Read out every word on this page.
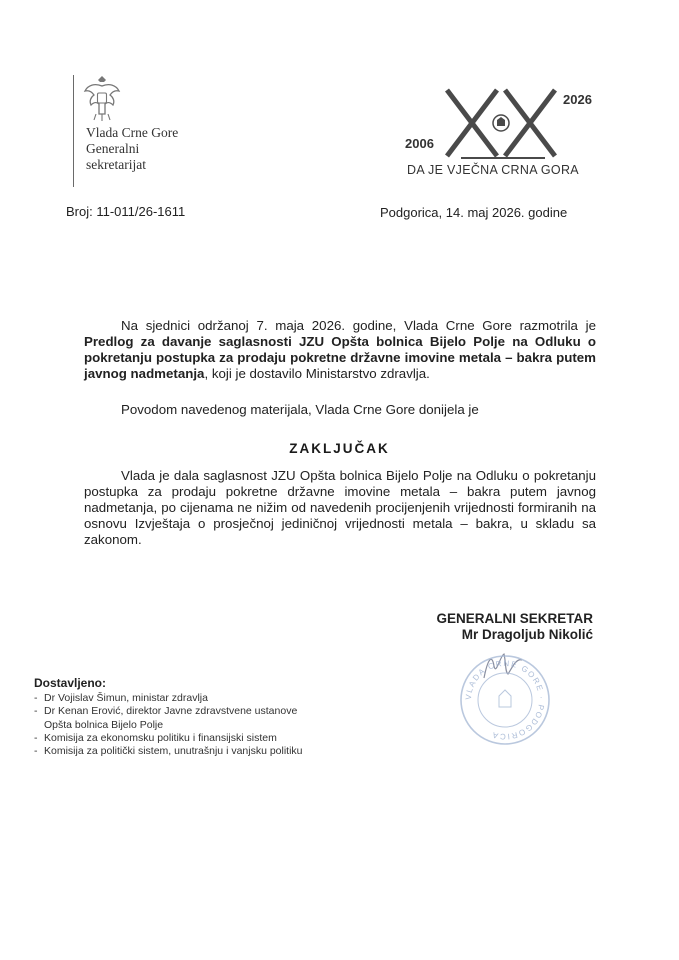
Vlada Crne Gore
Generalni
sekretarijat
2026
2006
DA JE VJEČNA CRNA GORA
Broj: 11-011/26-1611	Podgorica, 14. maj 2026. godine
Na sjednici održanoj 7. maja 2026. godine, Vlada Crne Gore razmotrila je Predlog za davanje saglasnosti JZU Opšta bolnica Bijelo Polje na Odluku o pokretanju postupka za prodaju pokretne državne imovine metala – bakra putem javnog nadmetanja, koji je dostavilo Ministarstvo zdravlja.
Povodom navedenog materijala, Vlada Crne Gore donijela je
ZAKLJUČAK
Vlada je dala saglasnost JZU Opšta bolnica Bijelo Polje na Odluku o pokretanju postupka za prodaju pokretne državne imovine metala – bakra putem javnog nadmetanja, po cijenama ne nižim od navedenih procijenjenih vrijednosti formiranih na osnovu Izvještaja o prosječnoj jediničnoj vrijednosti metala – bakra, u skladu sa zakonom.
GENERALNI SEKRETAR
Mr Dragoljub Nikolić
VLADA CRNE GORE · PODGORICA
Dostavljeno:
- Dr Vojislav Šimun, ministar zdravlja
- Dr Kenan Erović, direktor Javne zdravstvene ustanove Opšta bolnica Bijelo Polje
- Komisija za ekonomsku politiku i finansijski sistem
- Komisija za politički sistem, unutrašnju i vanjsku politiku
